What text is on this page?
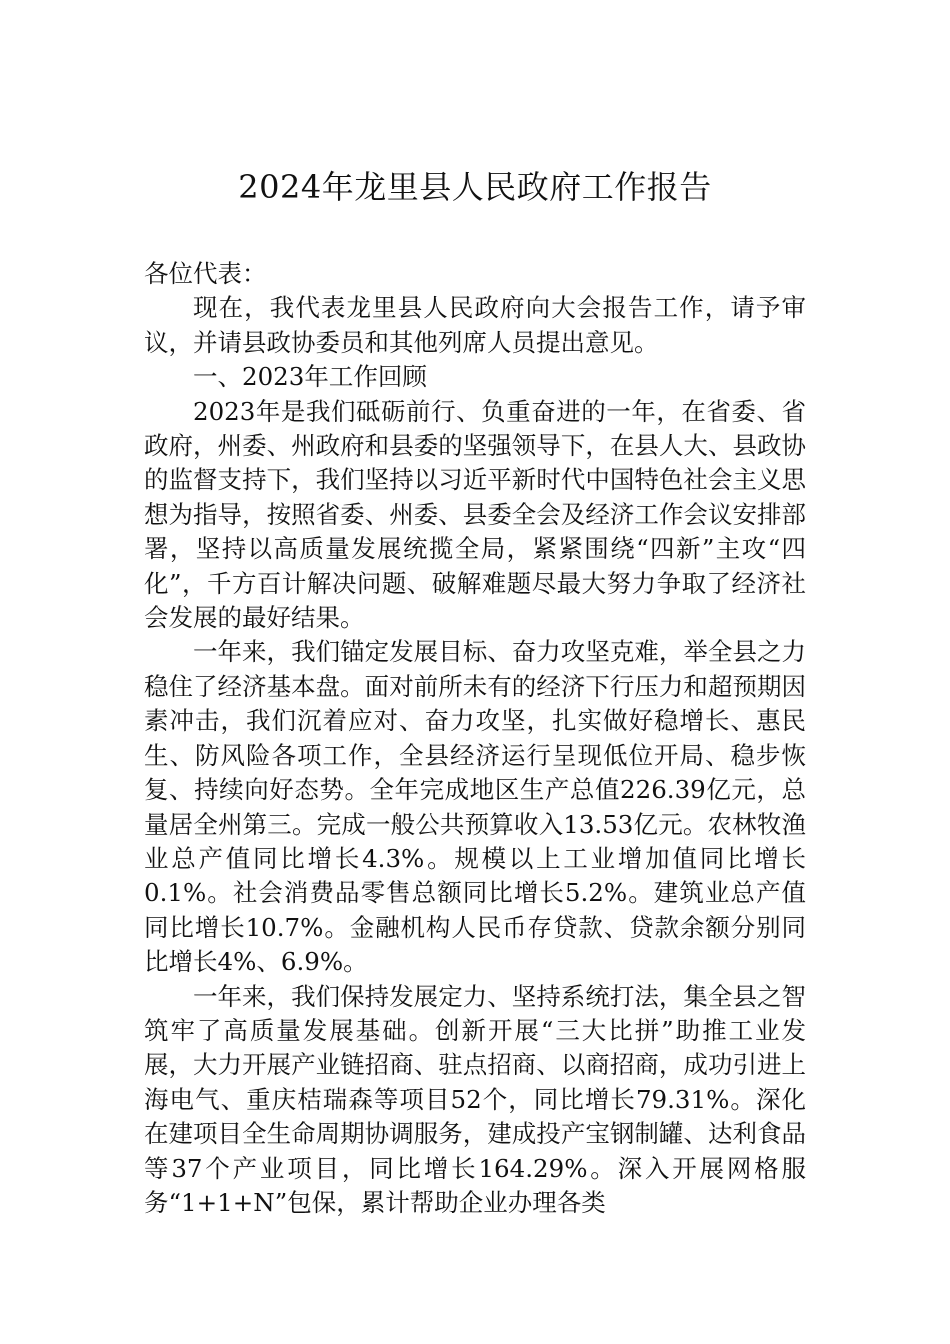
2024年龙里县人民政府工作报告

各位代表：

现在，我代表龙里县人民政府向大会报告工作，请予审议，并请县政协委员和其他列席人员提出意见。

一、2023年工作回顾

2023年是我们砥砺前行、负重奋进的一年，在省委、省政府，州委、州政府和县委的坚强领导下，在县人大、县政协的监督支持下，我们坚持以习近平新时代中国特色社会主义思想为指导，按照省委、州委、县委全会及经济工作会议安排部署，坚持以高质量发展统揽全局，紧紧围绕“四新”主攻“四化”，千方百计解决问题、破解难题尽最大努力争取了经济社会发展的最好结果。

一年来，我们锚定发展目标、奋力攻坚克难，举全县之力稳住了经济基本盘。面对前所未有的经济下行压力和超预期因素冲击，我们沉着应对、奋力攻坚，扎实做好稳增长、惠民生、防风险各项工作，全县经济运行呈现低位开局、稳步恢复、持续向好态势。全年完成地区生产总值226.39亿元，总量居全州第三。完成一般公共预算收入13.53亿元。农林牧渔业总产值同比增长4.3%。规模以上工业增加值同比增长0.1%。社会消费品零售总额同比增长5.2%。建筑业总产值同比增长10.7%。金融机构人民币存贷款、贷款余额分别同比增长4%、6.9%。

一年来，我们保持发展定力、坚持系统打法，集全县之智筑牢了高质量发展基础。创新开展“三大比拼”助推工业发展，大力开展产业链招商、驻点招商、以商招商，成功引进上海电气、重庆桔瑞森等项目52个，同比增长79.31%。深化在建项目全生命周期协调服务，建成投产宝钢制罐、达利食品等37个产业项目，同比增长164.29%。深入开展网格服务“1+1+N”包保，累计帮助企业办理各类
